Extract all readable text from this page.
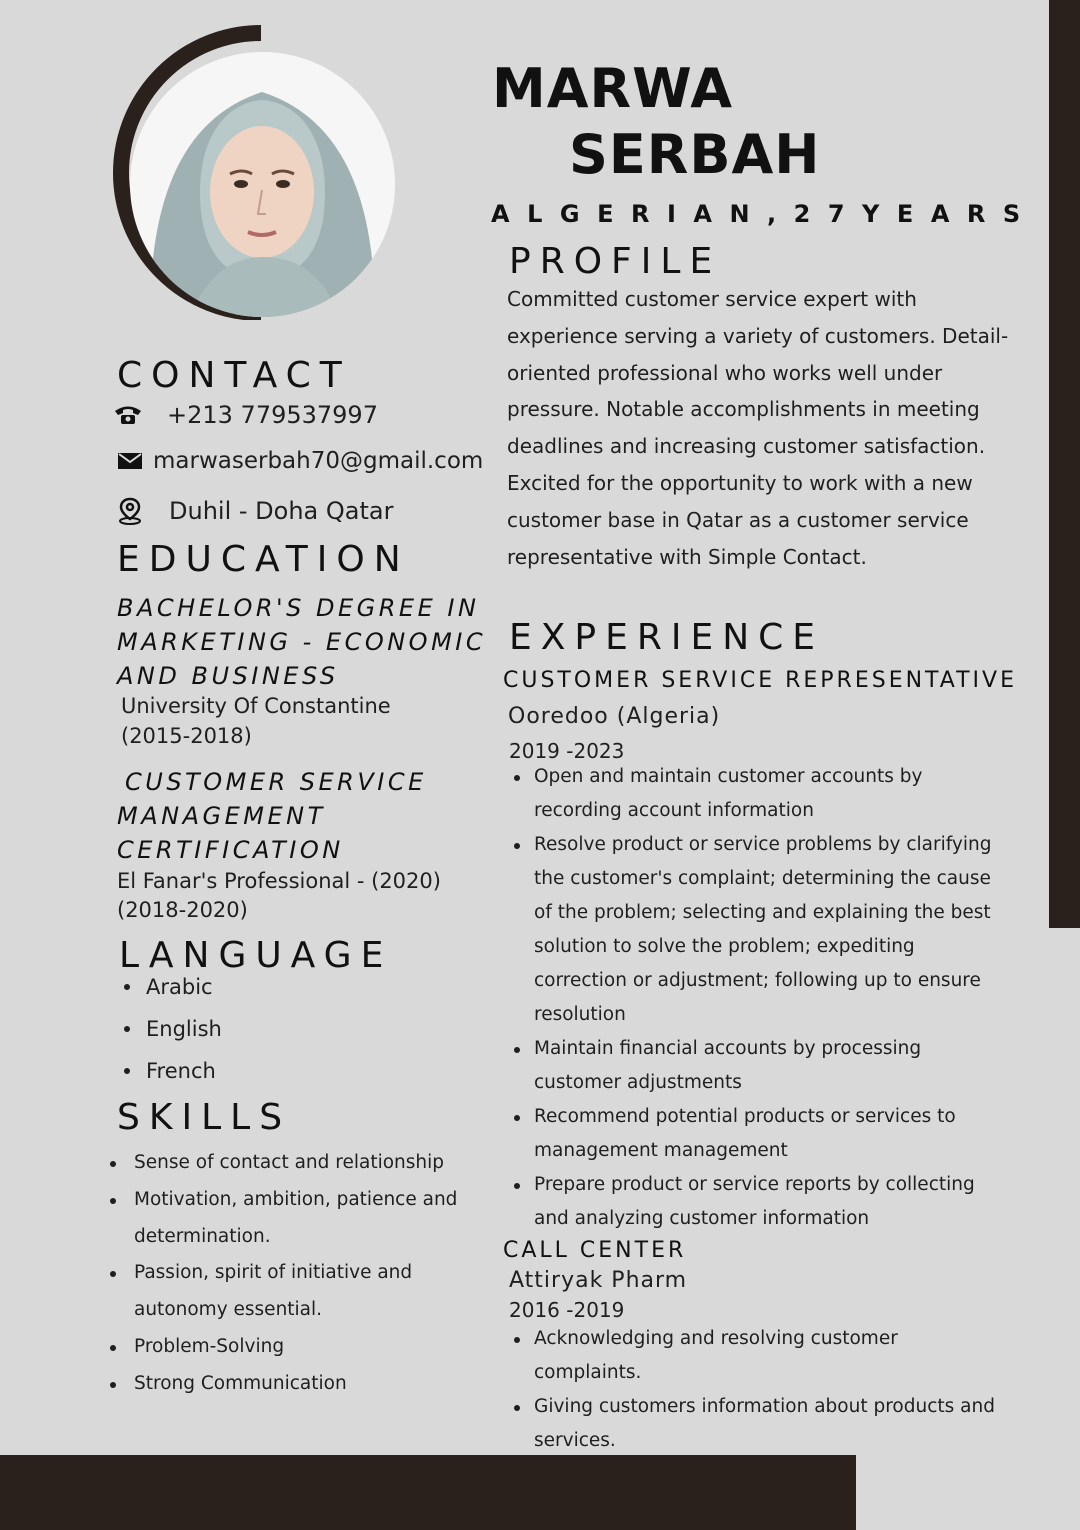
MARWA
SERBAH
ALGERIAN,27YEARS
CONTACT
+213 779537997
marwaserbah70@gmail.com
Duhil - Doha Qatar
EDUCATION
BACHELOR'S DEGREE IN MARKETING - ECONOMIC AND BUSINESS
University Of Constantine
(2015-2018)
CUSTOMER SERVICE MANAGEMENT CERTIFICATION
El Fanar's Professional - (2020)
(2018-2020)
LANGUAGE
Arabic
English
French
SKILLS
Sense of contact and relationship
Motivation, ambition, patience and determination.
Passion, spirit of initiative and autonomy essential.
Problem-Solving
Strong Communication
PROFILE
Committed customer service expert with experience serving a variety of customers. Detail-oriented professional who works well under pressure. Notable accomplishments in meeting deadlines and increasing customer satisfaction. Excited for the opportunity to work with a new customer base in Qatar as a customer service representative with Simple Contact.
EXPERIENCE
CUSTOMER SERVICE REPRESENTATIVE
Ooredoo (Algeria)
2019 -2023
Open and maintain customer accounts by recording account information
Resolve product or service problems by clarifying the customer's complaint; determining the cause of the problem; selecting and explaining the best solution to solve the problem; expediting correction or adjustment; following up to ensure resolution
Maintain financial accounts by processing customer adjustments
Recommend potential products or services to management management
Prepare product or service reports by collecting and analyzing customer information
CALL CENTER
Attiryak Pharm
2016 -2019
Acknowledging and resolving customer complaints.
Giving customers information about products and services.
